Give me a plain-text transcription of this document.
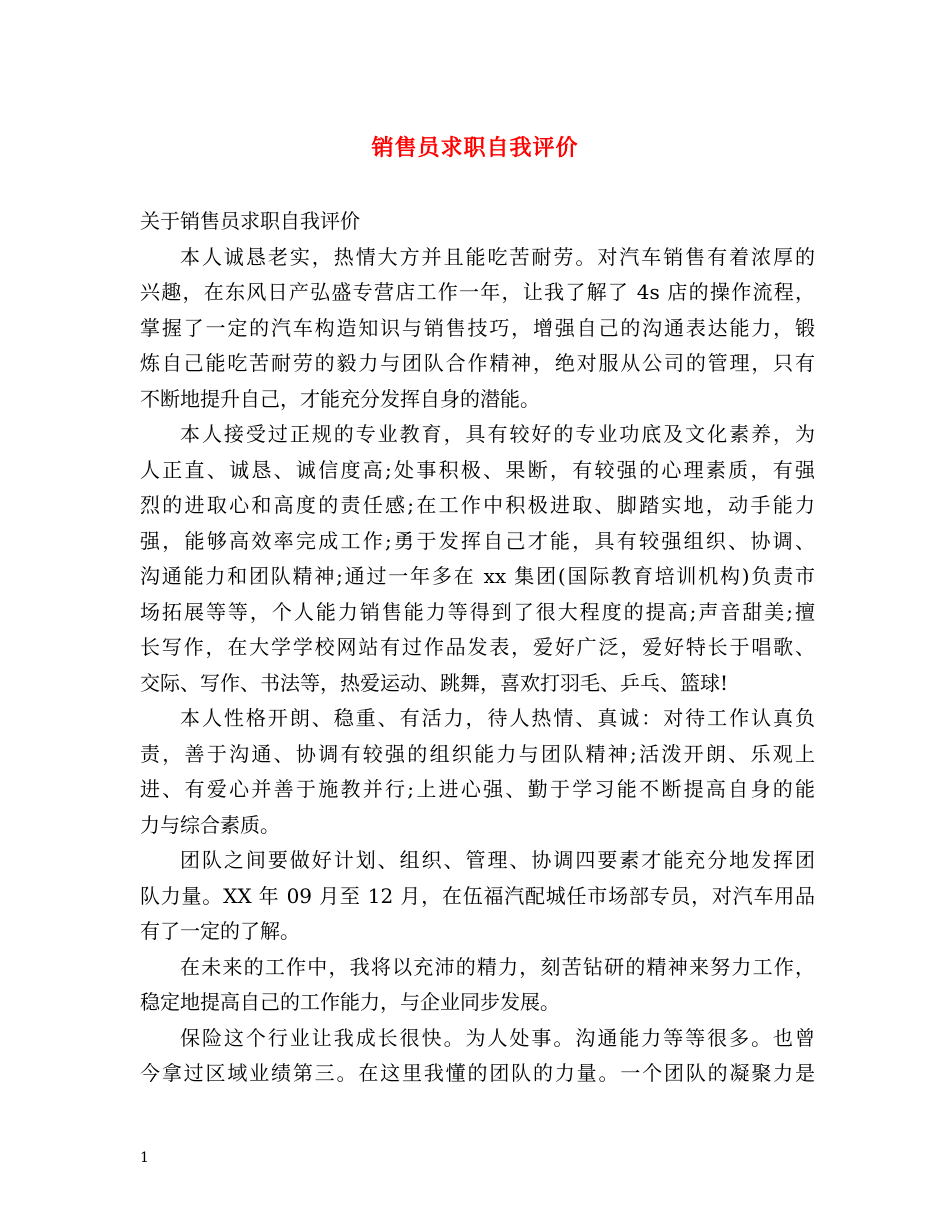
销售员求职自我评价

关于销售员求职自我评价

本人诚恳老实，热情大方并且能吃苦耐劳。对汽车销售有着浓厚的
兴趣，在东风日产弘盛专营店工作一年，让我了解了 4s 店的操作流程，
掌握了一定的汽车构造知识与销售技巧，增强自己的沟通表达能力，锻
炼自己能吃苦耐劳的毅力与团队合作精神，绝对服从公司的管理，只有
不断地提升自己，才能充分发挥自身的潜能。

本人接受过正规的专业教育，具有较好的专业功底及文化素养，为
人正直、诚恳、诚信度高;处事积极、果断，有较强的心理素质，有强
烈的进取心和高度的责任感;在工作中积极进取、脚踏实地，动手能力
强，能够高效率完成工作;勇于发挥自己才能，具有较强组织、协调、
沟通能力和团队精神;通过一年多在 xx 集团(国际教育培训机构)负责市
场拓展等等，个人能力销售能力等得到了很大程度的提高;声音甜美;擅
长写作，在大学学校网站有过作品发表，爱好广泛，爱好特长于唱歌、
交际、写作、书法等，热爱运动、跳舞，喜欢打羽毛、乒乓、篮球!

本人性格开朗、稳重、有活力，待人热情、真诚：对待工作认真负
责，善于沟通、协调有较强的组织能力与团队精神;活泼开朗、乐观上
进、有爱心并善于施教并行;上进心强、勤于学习能不断提高自身的能
力与综合素质。

团队之间要做好计划、组织、管理、协调四要素才能充分地发挥团
队力量。XX 年 09 月至 12 月，在伍福汽配城任市场部专员，对汽车用品
有了一定的了解。

在未来的工作中，我将以充沛的精力，刻苦钻研的精神来努力工作，
稳定地提高自己的工作能力，与企业同步发展。

保险这个行业让我成长很快。为人处事。沟通能力等等很多。也曾
今拿过区域业绩第三。在这里我懂的团队的力量。一个团队的凝聚力是

1
